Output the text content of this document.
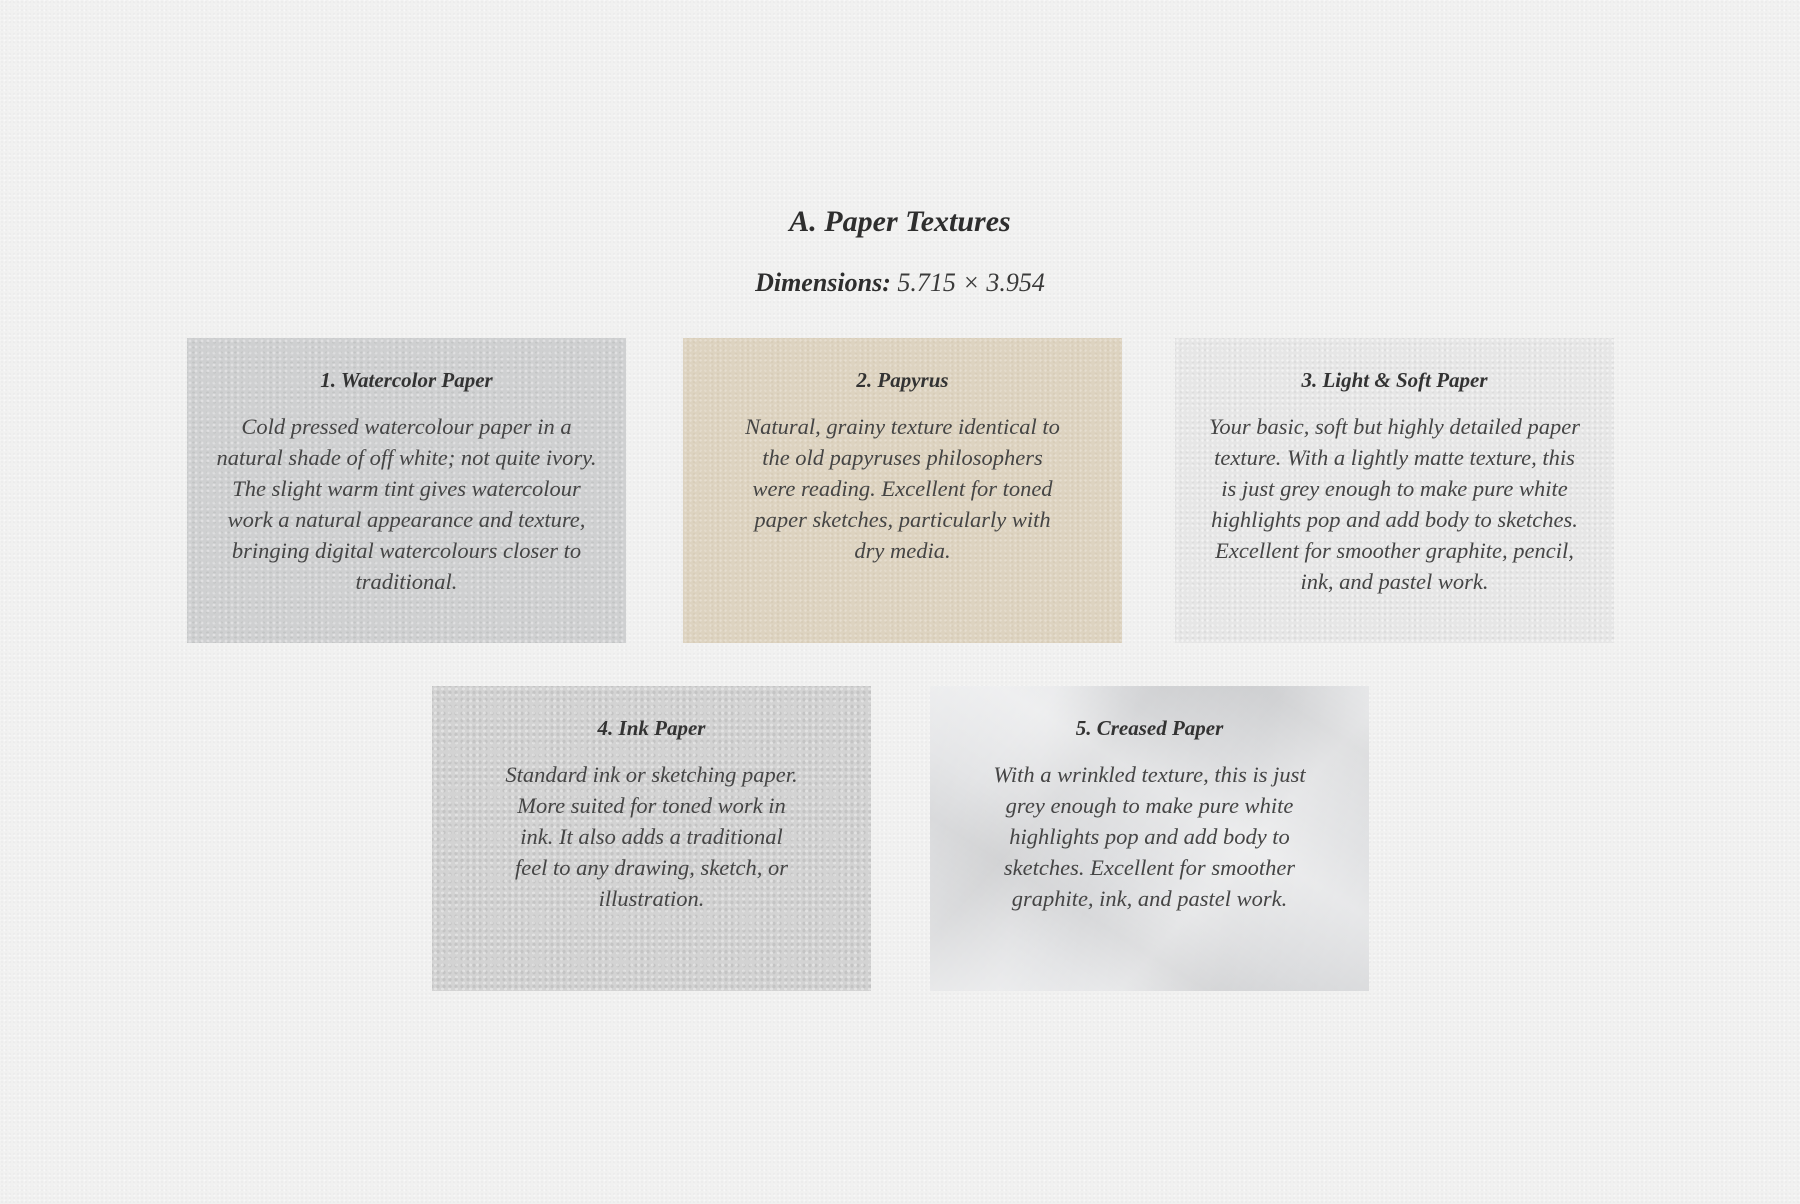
A. Paper Textures
Dimensions: 5.715 × 3.954
1. Watercolor Paper
Cold pressed watercolour paper in a natural shade of off white; not quite ivory. The slight warm tint gives watercolour work a natural appearance and texture, bringing digital watercolours closer to traditional.
2. Papyrus
Natural, grainy texture identical to the old papyruses philosophers were reading. Excellent for toned paper sketches, particularly with dry media.
3. Light & Soft Paper
Your basic, soft but highly detailed paper texture. With a lightly matte texture, this is just grey enough to make pure white highlights pop and add body to sketches. Excellent for smoother graphite, pencil, ink, and pastel work.
4. Ink Paper
Standard ink or sketching paper. More suited for toned work in ink. It also adds a traditional feel to any drawing, sketch, or illustration.
5. Creased Paper
With a wrinkled texture, this is just grey enough to make pure white highlights pop and add body to sketches. Excellent for smoother graphite, ink, and pastel work.
